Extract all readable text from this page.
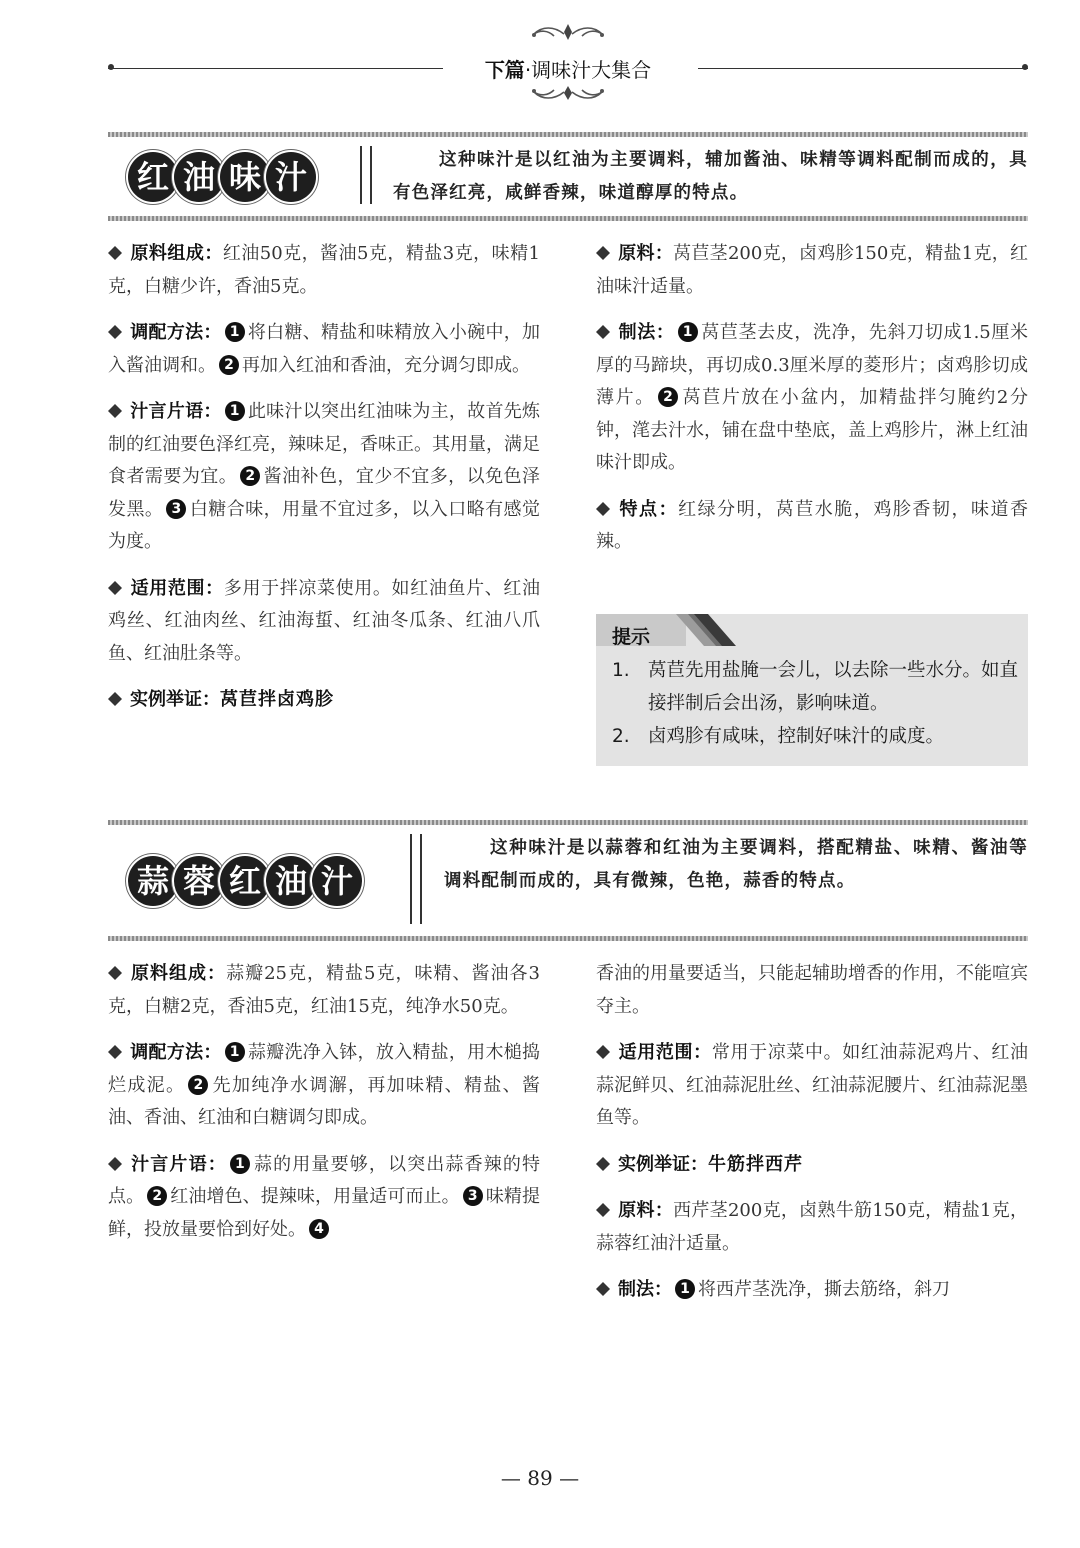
下篇·调味汁大集合
红 油 味 汁	这种味汁是以红油为主要调料，辅加酱油、味精等调料配制而成的，具有色泽红亮，咸鲜香辣，味道醇厚的特点。

原料组成：红油50克，酱油5克，精盐3克，味精1克，白糖少许，香油5克。

调配方法： 1 将白糖、精盐和味精放入小碗中，加入酱油调和。 2 再加入红油和香油，充分调匀即成。

汁言片语： 1 此味汁以突出红油味为主，故首先炼制的红油要色泽红亮，辣味足，香味正。其用量，满足食者需要为宜。 2 酱油补色，宜少不宜多，以免色泽发黑。 3 白糖合味，用量不宜过多，以入口略有感觉为度。

适用范围：多用于拌凉菜使用。如红油鱼片、红油鸡丝、红油肉丝、红油海蜇、红油冬瓜条、红油八爪鱼、红油肚条等。

实例举证：莴苣拌卤鸡胗

原料：莴苣茎200克，卤鸡胗150克，精盐1克，红油味汁适量。

制法： 1 莴苣茎去皮，洗净，先斜刀切成1.5厘米厚的马蹄块，再切成0.3厘米厚的菱形片；卤鸡胗切成薄片。 2 莴苣片放在小盆内，加精盐拌匀腌约2分钟，滗去汁水，铺在盘中垫底，盖上鸡胗片，淋上红油味汁即成。

特点：红绿分明，莴苣水脆，鸡胗香韧，味道香辣。

提示
1. 莴苣先用盐腌一会儿，以去除一些水分。如直接拌制后会出汤，影响味道。
2. 卤鸡胗有咸味，控制好味汁的咸度。
蒜 蓉 红 油 汁
这种味汁是以蒜蓉和红油为主要调料，搭配精盐、味精、酱油等调料配制而成的，具有微辣，色艳，蒜香的特点。

原料组成：蒜瓣25克，精盐5克，味精、酱油各3克，白糖2克，香油5克，红油15克，纯净水50克。

调配方法： 1 蒜瓣洗净入钵，放入精盐，用木槌捣烂成泥。 2 先加纯净水调澥，再加味精、精盐、酱油、香油、红油和白糖调匀即成。

汁言片语： 1 蒜的用量要够，以突出蒜香辣的特点。 2 红油增色、提辣味，用量适可而止。 3 味精提鲜，投放量要恰到好处。 4

香油的用量要适当，只能起辅助增香的作用，不能喧宾夺主。

适用范围：常用于凉菜中。如红油蒜泥鸡片、红油蒜泥鲜贝、红油蒜泥肚丝、红油蒜泥腰片、红油蒜泥墨鱼等。

实例举证：牛筋拌西芹

原料：西芹茎200克，卤熟牛筋150克，精盐1克，蒜蓉红油汁适量。

制法： 1 将西芹茎洗净，撕去筋络，斜刀

— 89 —
